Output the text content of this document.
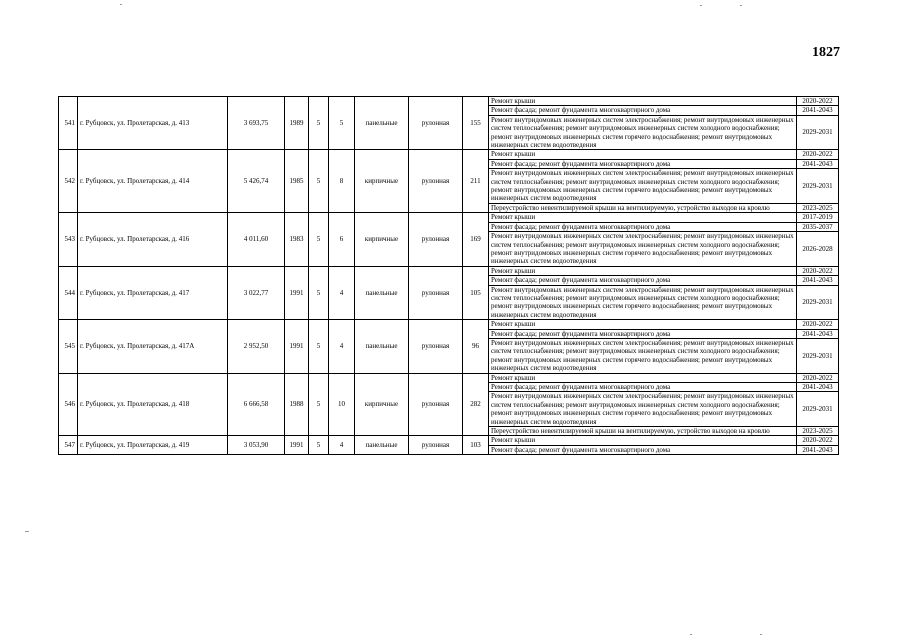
1827
541	г. Рубцовск, ул. Пролетарская, д. 413	3 693,75	1989	5	5	панельные	рулонная	155	Ремонт крыши	2020-2022
									Ремонт фасада; ремонт фундамента многоквартирного дома	2041-2043
									Ремонт внутридомовых инженерных систем электроснабжения; ремонт внутридомовых инженерных систем теплоснабжения; ремонт внутридомовых инженерных систем холодного водоснабжения; ремонт внутридомовых инженерных систем горячего водоснабжения; ремонт внутридомовых инженерных систем водоотведения	2029-2031
542	г. Рубцовск, ул. Пролетарская, д. 414	5 426,74	1985	5	8	кирпичные	рулонная	211	Ремонт крыши	2020-2022
									Ремонт фасада; ремонт фундамента многоквартирного дома	2041-2043
									Ремонт внутридомовых инженерных систем электроснабжения; ремонт внутридомовых инженерных систем теплоснабжения; ремонт внутридомовых инженерных систем холодного водоснабжения; ремонт внутридомовых инженерных систем горячего водоснабжения; ремонт внутридомовых инженерных систем водоотведения	2029-2031
									Переустройство невентилируемой крыши на вентилируемую, устройство выходов на кровлю	2023-2025
543	г. Рубцовск, ул. Пролетарская, д. 416	4 011,60	1983	5	6	кирпичные	рулонная	169	Ремонт крыши	2017-2019
									Ремонт фасада; ремонт фундамента многоквартирного дома	2035-2037
									Ремонт внутридомовых инженерных систем электроснабжения; ремонт внутридомовых инженерных систем теплоснабжения; ремонт внутридомовых инженерных систем холодного водоснабжения; ремонт внутридомовых инженерных систем горячего водоснабжения; ремонт внутридомовых инженерных систем водоотведения	2026-2028
544	г. Рубцовск, ул. Пролетарская, д. 417	3 022,77	1991	5	4	панельные	рулонная	105	Ремонт крыши	2020-2022
									Ремонт фасада; ремонт фундамента многоквартирного дома	2041-2043
									Ремонт внутридомовых инженерных систем электроснабжения; ремонт внутридомовых инженерных систем теплоснабжения; ремонт внутридомовых инженерных систем холодного водоснабжения; ремонт внутридомовых инженерных систем горячего водоснабжения; ремонт внутридомовых инженерных систем водоотведения	2029-2031
545	г. Рубцовск, ул. Пролетарская, д. 417А	2 952,50	1991	5	4	панельные	рулонная	96	Ремонт крыши	2020-2022
									Ремонт фасада; ремонт фундамента многоквартирного дома	2041-2043
									Ремонт внутридомовых инженерных систем электроснабжения; ремонт внутридомовых инженерных систем теплоснабжения; ремонт внутридомовых инженерных систем холодного водоснабжения; ремонт внутридомовых инженерных систем горячего водоснабжения; ремонт внутридомовых инженерных систем водоотведения	2029-2031
546	г. Рубцовск, ул. Пролетарская, д. 418	6 666,58	1988	5	10	кирпичные	рулонная	282	Ремонт крыши	2020-2022
									Ремонт фасада; ремонт фундамента многоквартирного дома	2041-2043
									Ремонт внутридомовых инженерных систем электроснабжения; ремонт внутридомовых инженерных систем теплоснабжения; ремонт внутридомовых инженерных систем холодного водоснабжения; ремонт внутридомовых инженерных систем горячего водоснабжения; ремонт внутридомовых инженерных систем водоотведения	2029-2031
									Переустройство невентилируемой крыши на вентилируемую, устройство выходов на кровлю	2023-2025
547	г. Рубцовск, ул. Пролетарская, д. 419	3 053,90	1991	5	4	панельные	рулонная	103	Ремонт крыши	2020-2022
									Ремонт фасада; ремонт фундамента многоквартирного дома	2041-2043
